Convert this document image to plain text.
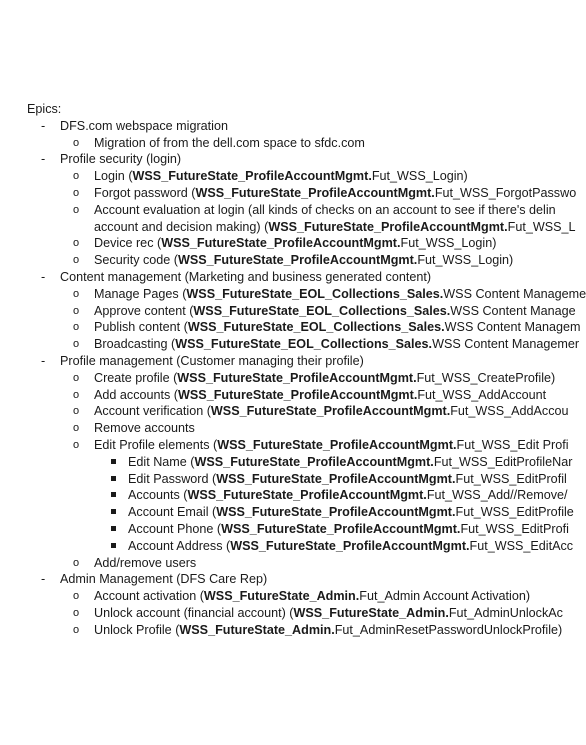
Epics:
- DFS.com webspace migration
o Migration of from the dell.com space to sfdc.com
- Profile security (login)
o Login (WSS_FutureState_ProfileAccountMgmt.Fut_WSS_Login)
o Forgot password (WSS_FutureState_ProfileAccountMgmt.Fut_WSS_ForgotPasswo
o Account evaluation at login (all kinds of checks on an account to see if there's delin
account and decision making) (WSS_FutureState_ProfileAccountMgmt.Fut_WSS_L
o Device rec (WSS_FutureState_ProfileAccountMgmt.Fut_WSS_Login)
o Security code (WSS_FutureState_ProfileAccountMgmt.Fut_WSS_Login)
- Content management (Marketing and business generated content)
o Manage Pages (WSS_FutureState_EOL_Collections_Sales.WSS Content Manageme
o Approve content (WSS_FutureState_EOL_Collections_Sales.WSS Content Manage
o Publish content (WSS_FutureState_EOL_Collections_Sales.WSS Content Managem
o Broadcasting (WSS_FutureState_EOL_Collections_Sales.WSS Content Managemer
- Profile management (Customer managing their profile)
o Create profile (WSS_FutureState_ProfileAccountMgmt.Fut_WSS_CreateProfile)
o Add accounts (WSS_FutureState_ProfileAccountMgmt.Fut_WSS_AddAccount
o Account verification (WSS_FutureState_ProfileAccountMgmt.Fut_WSS_AddAccou
o Remove accounts
o Edit Profile elements (WSS_FutureState_ProfileAccountMgmt.Fut_WSS_Edit Profi
Edit Name (WSS_FutureState_ProfileAccountMgmt.Fut_WSS_EditProfileNar
Edit Password (WSS_FutureState_ProfileAccountMgmt.Fut_WSS_EditProfil
Accounts (WSS_FutureState_ProfileAccountMgmt.Fut_WSS_Add//Remove/
Account Email (WSS_FutureState_ProfileAccountMgmt.Fut_WSS_EditProfile
Account Phone (WSS_FutureState_ProfileAccountMgmt.Fut_WSS_EditProfi
Account Address (WSS_FutureState_ProfileAccountMgmt.Fut_WSS_EditAcc
o Add/remove users
- Admin Management (DFS Care Rep)
o Account activation (WSS_FutureState_Admin.Fut_Admin Account Activation)
o Unlock account (financial account) (WSS_FutureState_Admin.Fut_AdminUnlockAc
o Unlock Profile (WSS_FutureState_Admin.Fut_AdminResetPasswordUnlockProfile)
